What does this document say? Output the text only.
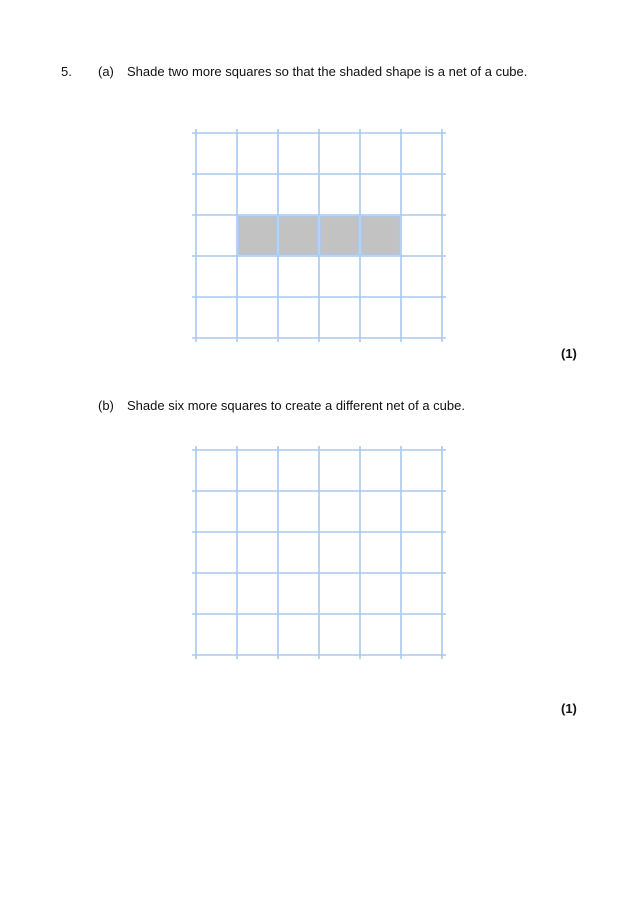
5. (a) Shade two more squares so that the shaded shape is a net of a cube.
(1)
(b) Shade six more squares to create a different net of a cube.
(1)
